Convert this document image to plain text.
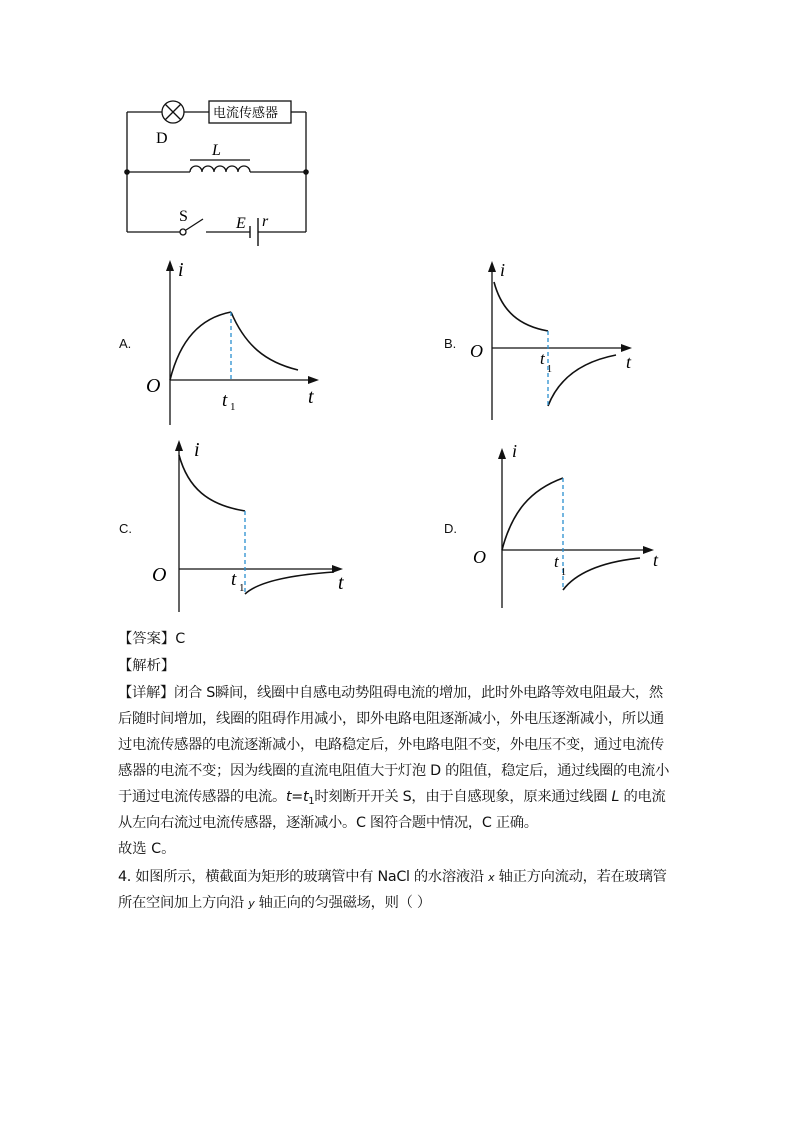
电流传感器
D
L
S	E r
i
O	t
t 1
i
O
t
t
1
i
O	t
t 1
i
O	t
t
1
A.	B.
C.	D.
【答案】C
【解析】
【详解】闭合 S瞬间，线圈中自感电动势阻碍电流的增加，此时外电路等效电阻最大，然
后随时间增加，线圈的阻碍作用减小，即外电路电阻逐渐减小，外电压逐渐减小，所以通
过电流传感器的电流逐渐减小，电路稳定后，外电路电阻不变，外电压不变，通过电流传
感器的电流不变；因为线圈的直流电阻值大于灯泡 D 的阻值，稳定后，通过线圈的电流小
于通过电流传感器的电流。$t=t_1$时刻断开开关 S，由于自感现象，原来通过线圈 L 的电流
从左向右流过电流传感器，逐渐减小。C 图符合题中情况，C 正确。
故选 C。
4. 如图所示，横截面为矩形的玻璃管中有 NaCl 的水溶液沿 x 轴正方向流动，若在玻璃管
所在空间加上方向沿 y 轴正向的匀强磁场，则（ ）
